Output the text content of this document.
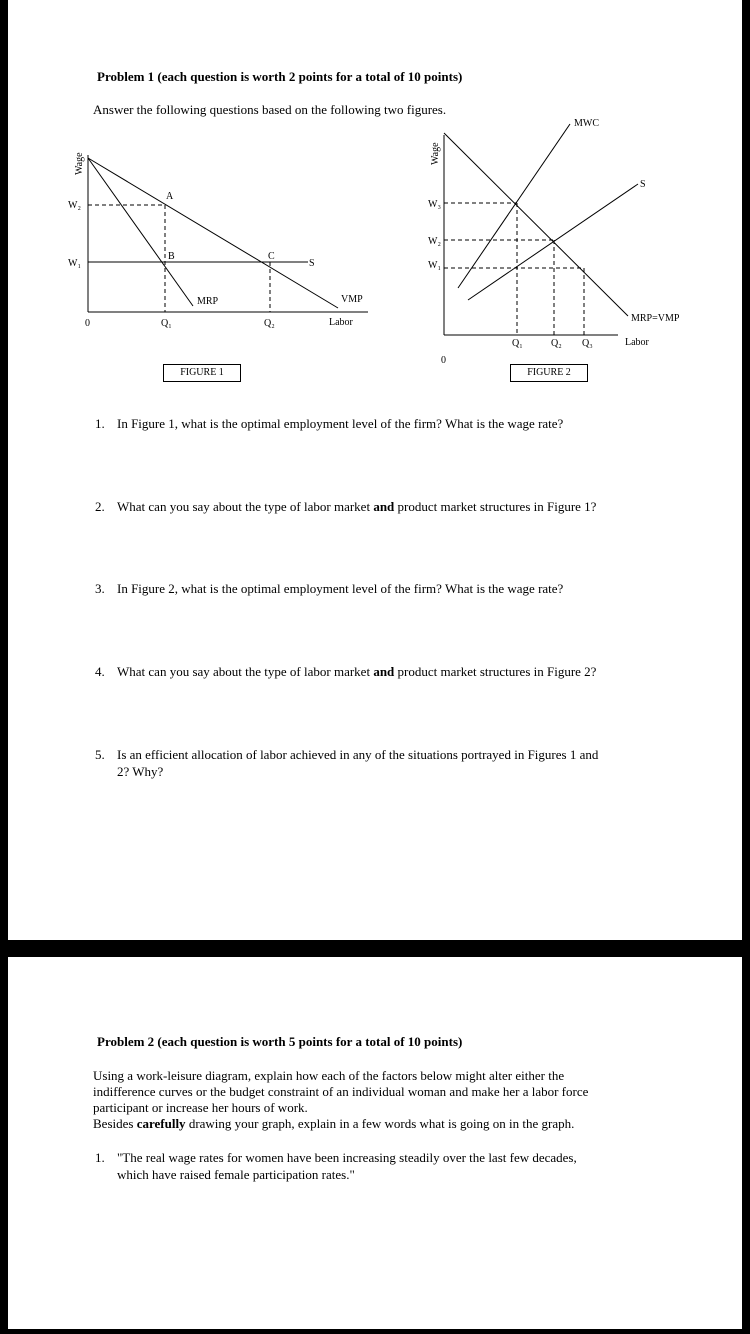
Problem 1 (each question is worth 2 points for a total of 10 points)
Answer the following questions based on the following two figures.
Wage
W₂
W₁
0	Q₁	Q₂
A
B	C
S
MRP	VMP
Labor
Wage
W₃
W₂
W₁
0
Q₁	Q₂ Q₃
MWC
S
MRP=VMP
Labor
FIGURE 1	FIGURE 2
1. In Figure 1, what is the optimal employment level of the firm? What is the wage rate?
2. What can you say about the type of labor market and product market structures in Figure 1?
3. In Figure 2, what is the optimal employment level of the firm? What is the wage rate?
4. What can you say about the type of labor market and product market structures in Figure 2?
5. Is an efficient allocation of labor achieved in any of the situations portrayed in Figures 1 and
2? Why?
Problem 2 (each question is worth 5 points for a total of 10 points)
Using a work-leisure diagram, explain how each of the factors below might alter either the
indifference curves or the budget constraint of an individual woman and make her a labor force
participant or increase her hours of work.
Besides carefully drawing your graph, explain in a few words what is going on in the graph.
1. "The real wage rates for women have been increasing steadily over the last few decades,
which have raised female participation rates."
